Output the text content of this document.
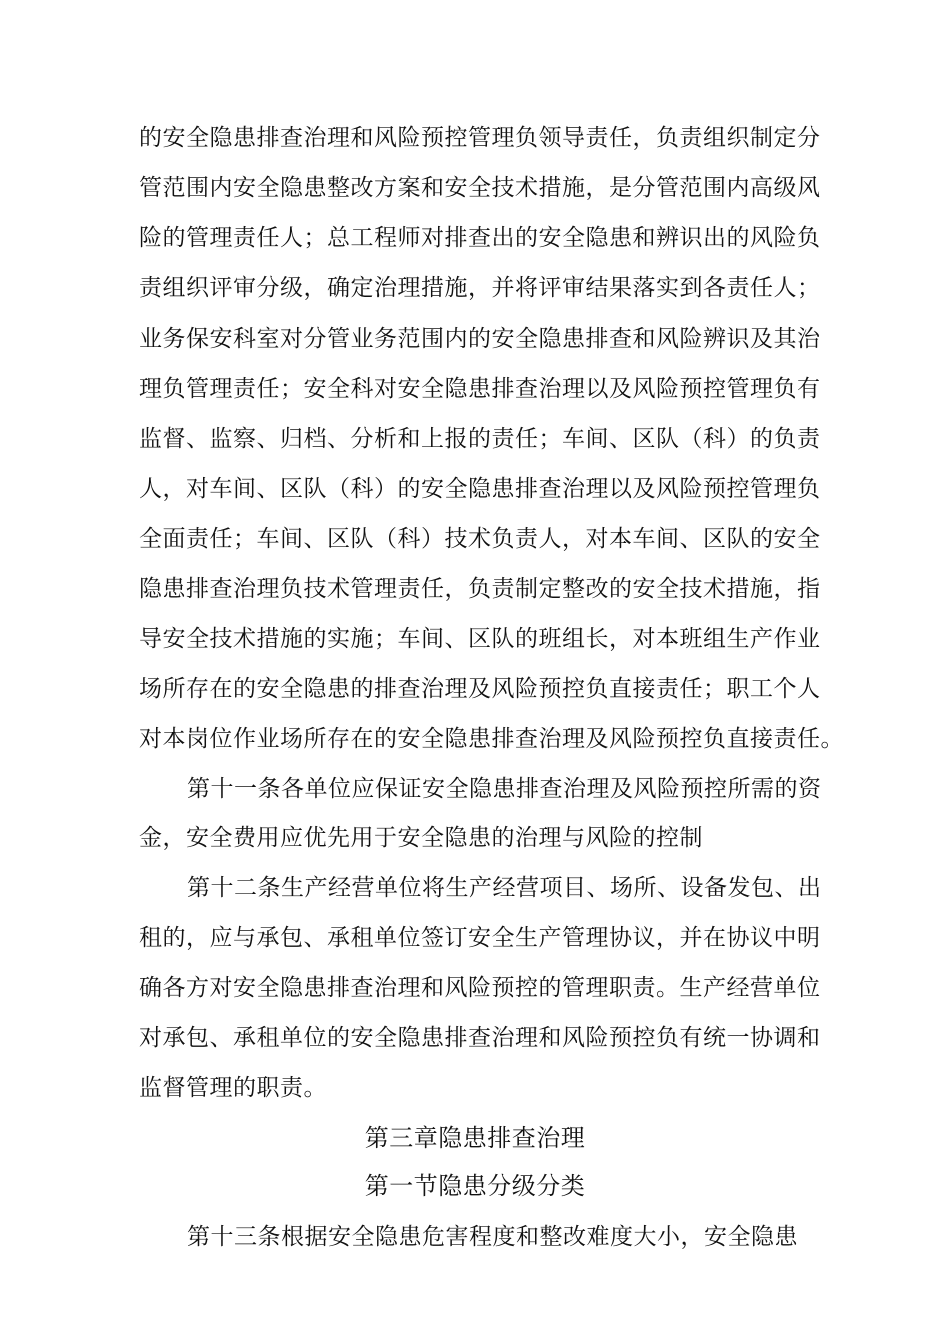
的安全隐患排查治理和风险预控管理负领导责任，负责组织制定分
管范围内安全隐患整改方案和安全技术措施，是分管范围内高级风
险的管理责任人；总工程师对排查出的安全隐患和辨识出的风险负
责组织评审分级，确定治理措施，并将评审结果落实到各责任人；
业务保安科室对分管业务范围内的安全隐患排查和风险辨识及其治
理负管理责任；安全科对安全隐患排查治理以及风险预控管理负有
监督、监察、归档、分析和上报的责任；车间、区队（科）的负责
人，对车间、区队（科）的安全隐患排查治理以及风险预控管理负
全面责任；车间、区队（科）技术负责人，对本车间、区队的安全
隐患排查治理负技术管理责任，负责制定整改的安全技术措施，指
导安全技术措施的实施；车间、区队的班组长，对本班组生产作业
场所存在的安全隐患的排查治理及风险预控负直接责任；职工个人
对本岗位作业场所存在的安全隐患排查治理及风险预控负直接责任。
第十一条各单位应保证安全隐患排查治理及风险预控所需的资
金，安全费用应优先用于安全隐患的治理与风险的控制
第十二条生产经营单位将生产经营项目、场所、设备发包、出
租的，应与承包、承租单位签订安全生产管理协议，并在协议中明
确各方对安全隐患排查治理和风险预控的管理职责。生产经营单位
对承包、承租单位的安全隐患排查治理和风险预控负有统一协调和
监督管理的职责。
第三章隐患排查治理
第一节隐患分级分类
第十三条根据安全隐患危害程度和整改难度大小，安全隐患
